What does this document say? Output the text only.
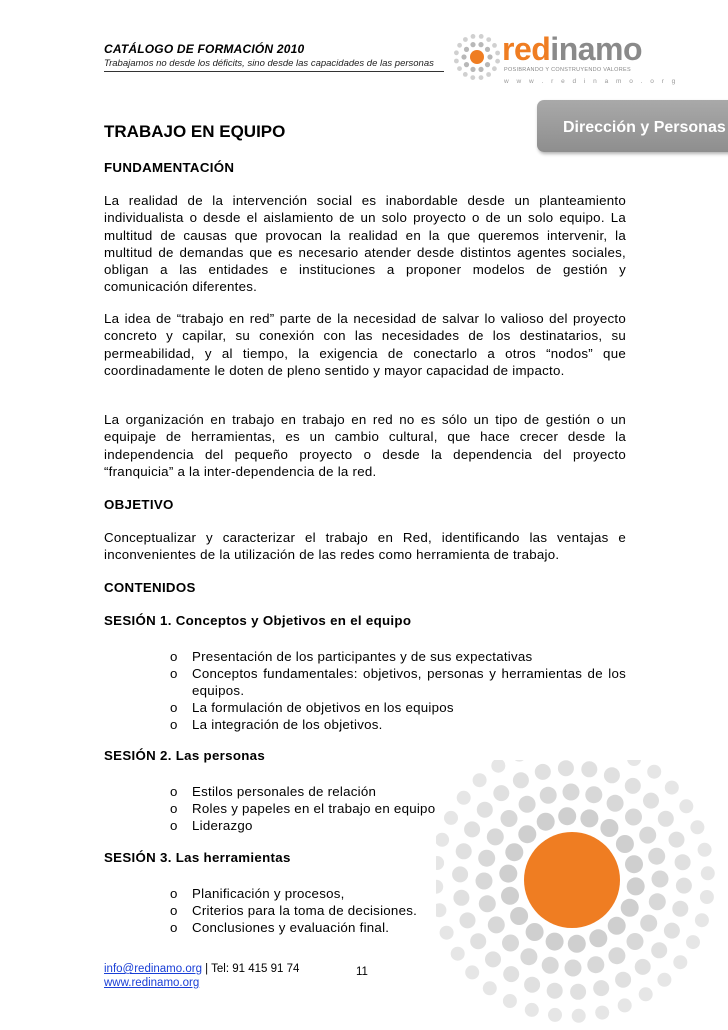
CATÁLOGO DE FORMACIÓN 2010
Trabajamos no desde los déficits, sino desde las capacidades de las personas redinamo
POSIBRANDO Y CONSTRUYENDO VALORES
w w w . r e d i n a m o . o r g
Dirección y Personas
TRABAJO EN EQUIPO
FUNDAMENTACIÓN
La realidad de la intervención social es inabordable desde un planteamiento individualista o desde el aislamiento de un solo proyecto o de un solo equipo. La multitud de causas que provocan la realidad en la que queremos intervenir, la multitud de demandas que es necesario atender desde distintos agentes sociales, obligan a las entidades e instituciones a proponer modelos de gestión y comunicación diferentes.
La idea de “trabajo en red” parte de la necesidad de salvar lo valioso del proyecto concreto y capilar, su conexión con las necesidades de los destinatarios, su permeabilidad, y al tiempo, la exigencia de conectarlo a otros “nodos” que coordinadamente le doten de pleno sentido y mayor capacidad de impacto.
La organización en trabajo en trabajo en red no es sólo un tipo de gestión o un equipaje de herramientas, es un cambio cultural, que hace crecer desde la independencia del pequeño proyecto o desde la dependencia del proyecto “franquicia” a la inter-dependencia de la red.
OBJETIVO
Conceptualizar y caracterizar el trabajo en Red, identificando las ventajas e inconvenientes de la utilización de las redes como herramienta de trabajo.
CONTENIDOS
SESIÓN 1. Conceptos y Objetivos en el equipo
o Presentación de los participantes y de sus expectativas
o Conceptos fundamentales: objetivos, personas y herramientas de los equipos.
o La formulación de objetivos en los equipos
o La integración de los objetivos.
SESIÓN 2. Las personas
o Estilos personales de relación
o Roles y papeles en el trabajo en equipo
o Liderazgo
SESIÓN 3. Las herramientas
o Planificación y procesos,
o Criterios para la toma de decisiones.
o Conclusiones y evaluación final.
info@redinamo.org | Tel: 91 415 91 74
www.redinamo.org
11
